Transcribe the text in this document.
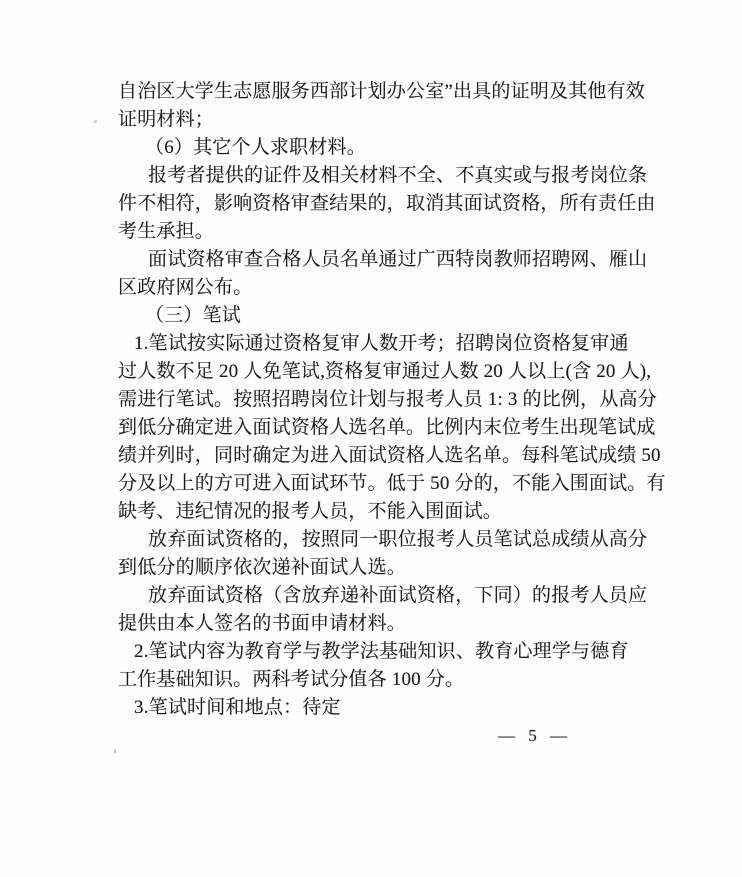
自治区大学生志愿服务西部计划办公室”出具的证明及其他有效
证明材料；
（6）其它个人求职材料。
报考者提供的证件及相关材料不全、不真实或与报考岗位条
件不相符，影响资格审查结果的，取消其面试资格，所有责任由
考生承担。
面试资格审查合格人员名单通过广西特岗教师招聘网、雁山
区政府网公布。
（三）笔试
1.笔试按实际通过资格复审人数开考；招聘岗位资格复审通
过人数不足 20 人免笔试,资格复审通过人数 20 人以上(含 20 人),
需进行笔试。按照招聘岗位计划与报考人员 1: 3 的比例，从高分
到低分确定进入面试资格人选名单。比例内末位考生出现笔试成
绩并列时，同时确定为进入面试资格人选名单。每科笔试成绩 50
分及以上的方可进入面试环节。低于 50 分的，不能入围面试。有
缺考、违纪情况的报考人员，不能入围面试。
放弃面试资格的，按照同一职位报考人员笔试总成绩从高分
到低分的顺序依次递补面试人选。
放弃面试资格（含放弃递补面试资格，下同）的报考人员应
提供由本人签名的书面申请材料。
2.笔试内容为教育学与教学法基础知识、教育心理学与德育
工作基础知识。两科考试分值各 100 分。
3.笔试时间和地点：待定
— 5 —
